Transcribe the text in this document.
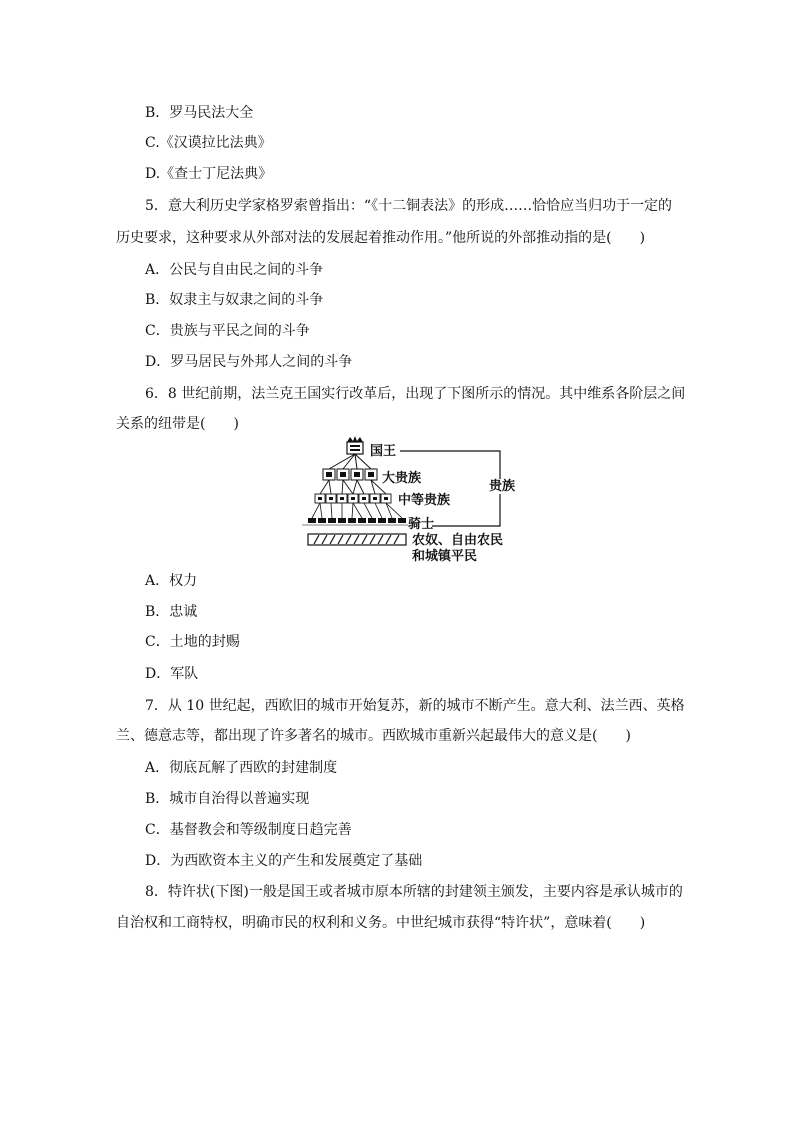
B．罗马民法大全
C.《汉谟拉比法典》
D.《查士丁尼法典》
5．意大利历史学家格罗索曾指出：“《十二铜表法》的形成……恰恰应当归功于一定的
历史要求，这种要求从外部对法的发展起着推动作用。”他所说的外部推动指的是(　　)
A．公民与自由民之间的斗争
B．奴隶主与奴隶之间的斗争
C．贵族与平民之间的斗争
D．罗马居民与外邦人之间的斗争
6．8 世纪前期，法兰克王国实行改革后，出现了下图所示的情况。其中维系各阶层之间
关系的纽带是(　　)
国王
大贵族
中等贵族
骑士
农奴、自由农民
和城镇平民
贵族
A．权力
B．忠诚
C．土地的封赐
D．军队
7．从 10 世纪起，西欧旧的城市开始复苏，新的城市不断产生。意大利、法兰西、英格
兰、德意志等，都出现了许多著名的城市。西欧城市重新兴起最伟大的意义是(　　)
A．彻底瓦解了西欧的封建制度
B．城市自治得以普遍实现
C．基督教会和等级制度日趋完善
D．为西欧资本主义的产生和发展奠定了基础
8．特许状(下图)一般是国王或者城市原本所辖的封建领主颁发，主要内容是承认城市的
自治权和工商特权，明确市民的权利和义务。中世纪城市获得“特许状”，意味着(　　)
